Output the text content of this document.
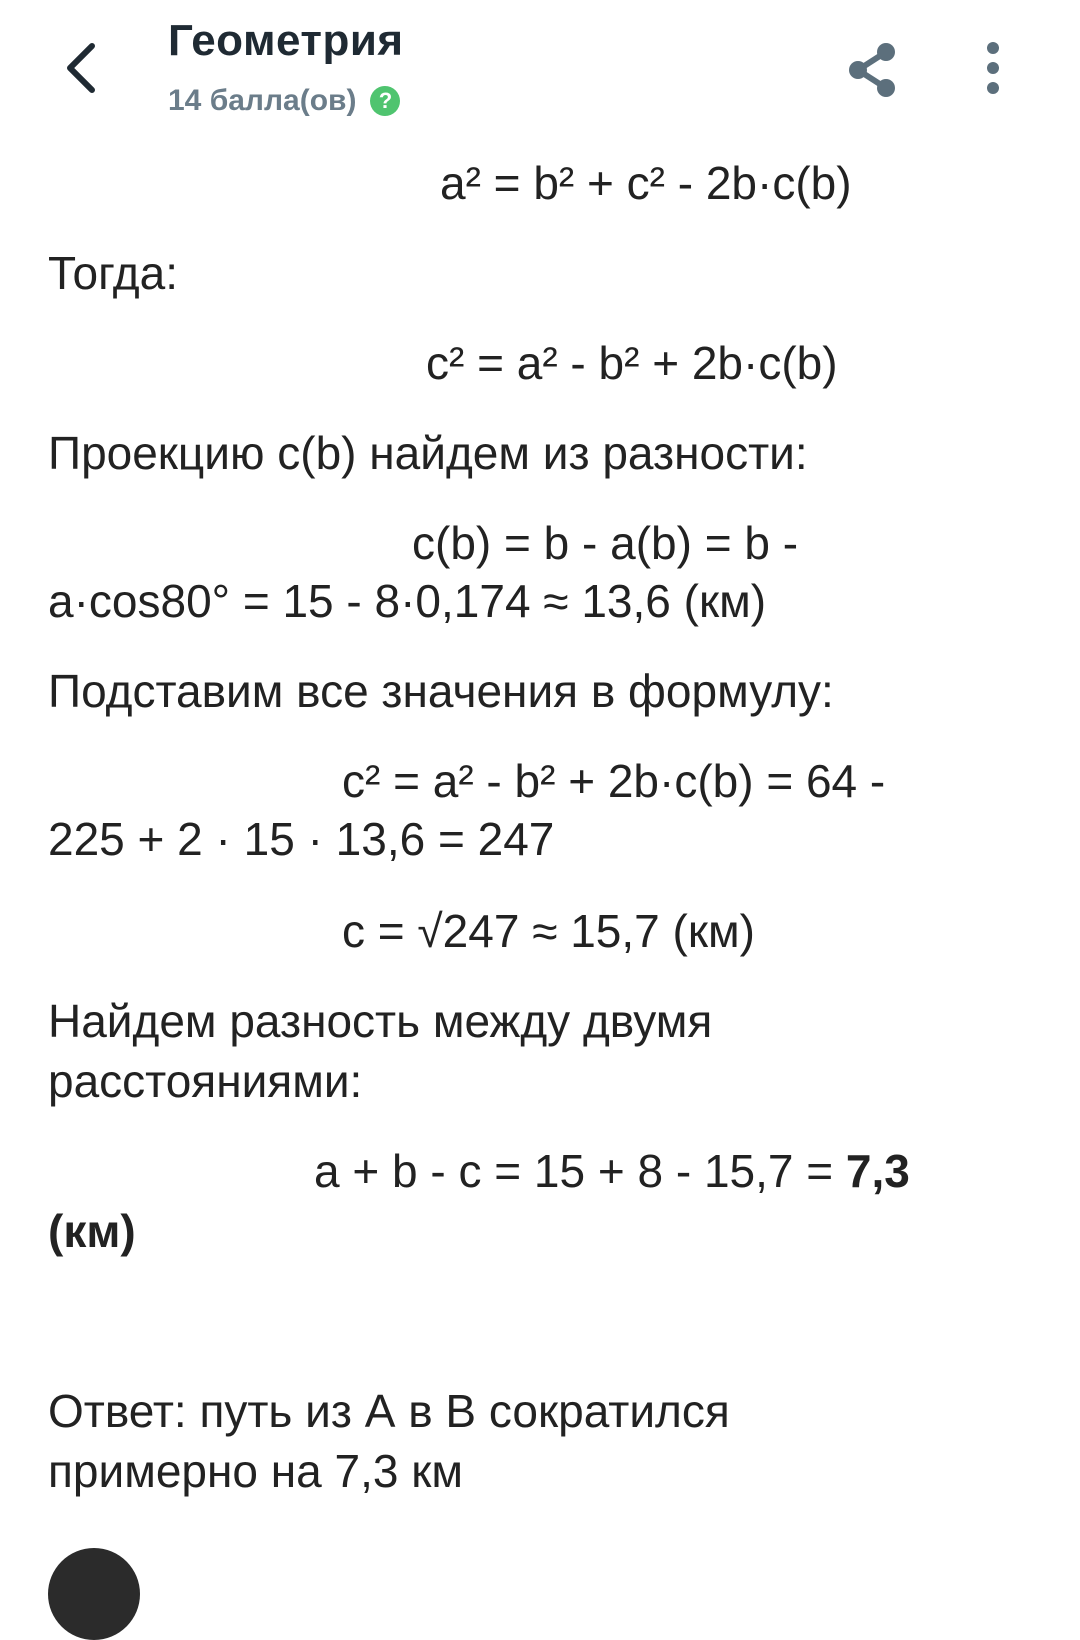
Геометрия
14 балла(ов)	?
a² = b² + c² - 2b·c(b)
Тогда:
c² = a² - b² + 2b·c(b)
Проекцию c(b) найдем из разности:
c(b) = b - a(b) = b -
a·cos80° = 15 - 8·0,174 ≈ 13,6 (км)
Подставим все значения в формулу:
c² = a² - b² + 2b·c(b) = 64 -
225 + 2 · 15 · 13,6 = 247
c = √247 ≈ 15,7 (км)
Найдем разность между двумя
расстояниями:
a + b - c = 15 + 8 - 15,7 = 7,3
(км)
Ответ: путь из А в В сократился
примерно на 7,3 км
